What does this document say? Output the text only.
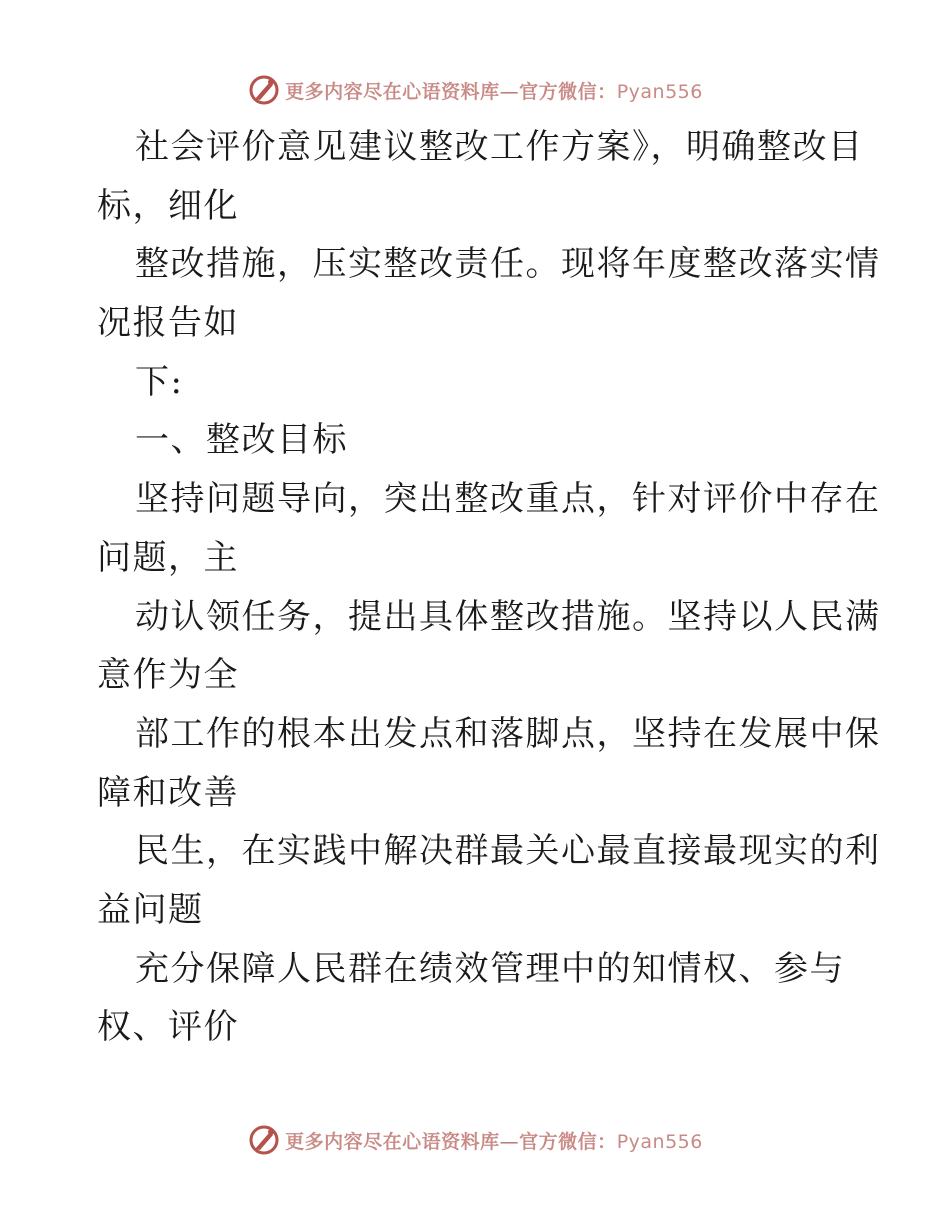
更多内容尽在心语资料库—官方微信：Pyan556
社会评价意见建议整改工作方案》，明确整改目
标，细化
整改措施，压实整改责任。现将年度整改落实情
况报告如
下:
一、整改目标
坚持问题导向，突出整改重点，针对评价中存在
问题，主
动认领任务，提出具体整改措施。坚持以人民满
意作为全
部工作的根本出发点和落脚点，坚持在发展中保
障和改善
民生，在实践中解决群最关心最直接最现实的利
益问题
充分保障人民群在绩效管理中的知情权、参与
权、评价
更多内容尽在心语资料库—官方微信：Pyan556
